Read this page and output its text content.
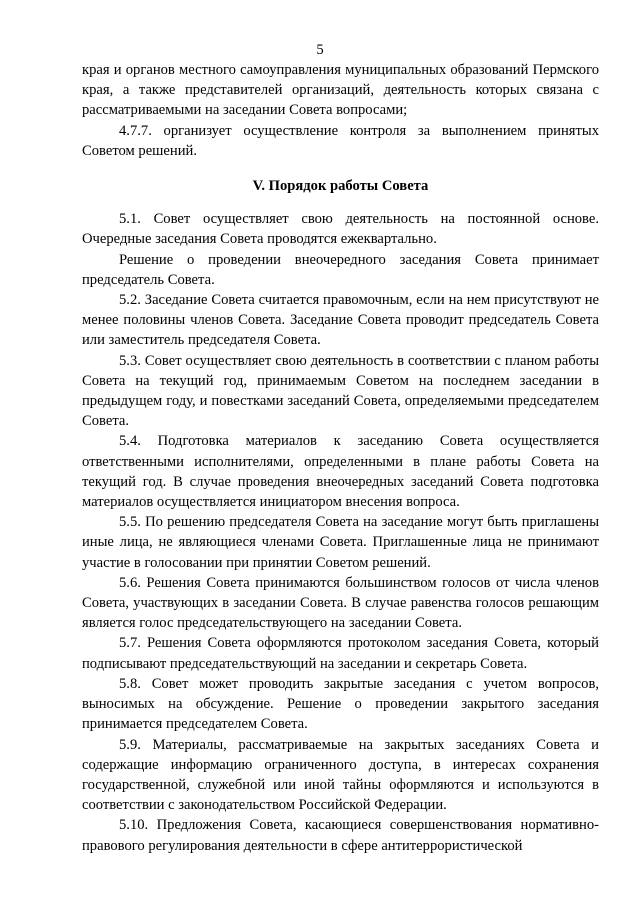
5

края и органов местного самоуправления муниципальных образований Пермского края, а также представителей организаций, деятельность которых связана с рассматриваемыми на заседании Совета вопросами;

4.7.7. организует осуществление контроля за выполнением принятых Советом решений.

V. Порядок работы Совета

5.1. Совет осуществляет свою деятельность на постоянной основе. Очередные заседания Совета проводятся ежеквартально.

Решение о проведении внеочередного заседания Совета принимает председатель Совета.

5.2. Заседание Совета считается правомочным, если на нем присутствуют не менее половины членов Совета. Заседание Совета проводит председатель Совета или заместитель председателя Совета.

5.3. Совет осуществляет свою деятельность в соответствии с планом работы Совета на текущий год, принимаемым Советом на последнем заседании в предыдущем году, и повестками заседаний Совета, определяемыми председателем Совета.

5.4. Подготовка материалов к заседанию Совета осуществляется ответственными исполнителями, определенными в плане работы Совета на текущий год. В случае проведения внеочередных заседаний Совета подготовка материалов осуществляется инициатором внесения вопроса.

5.5. По решению председателя Совета на заседание могут быть приглашены иные лица, не являющиеся членами Совета. Приглашенные лица не принимают участие в голосовании при принятии Советом решений.

5.6. Решения Совета принимаются большинством голосов от числа членов Совета, участвующих в заседании Совета. В случае равенства голосов решающим является голос председательствующего на заседании Совета.

5.7. Решения Совета оформляются протоколом заседания Совета, который подписывают председательствующий на заседании и секретарь Совета.

5.8. Совет может проводить закрытые заседания с учетом вопросов, выносимых на обсуждение. Решение о проведении закрытого заседания принимается председателем Совета.

5.9. Материалы, рассматриваемые на закрытых заседаниях Совета и содержащие информацию ограниченного доступа, в интересах сохранения государственной, служебной или иной тайны оформляются и используются в соответствии с законодательством Российской Федерации.

5.10. Предложения Совета, касающиеся совершенствования нормативно-правового регулирования деятельности в сфере антитеррористической
